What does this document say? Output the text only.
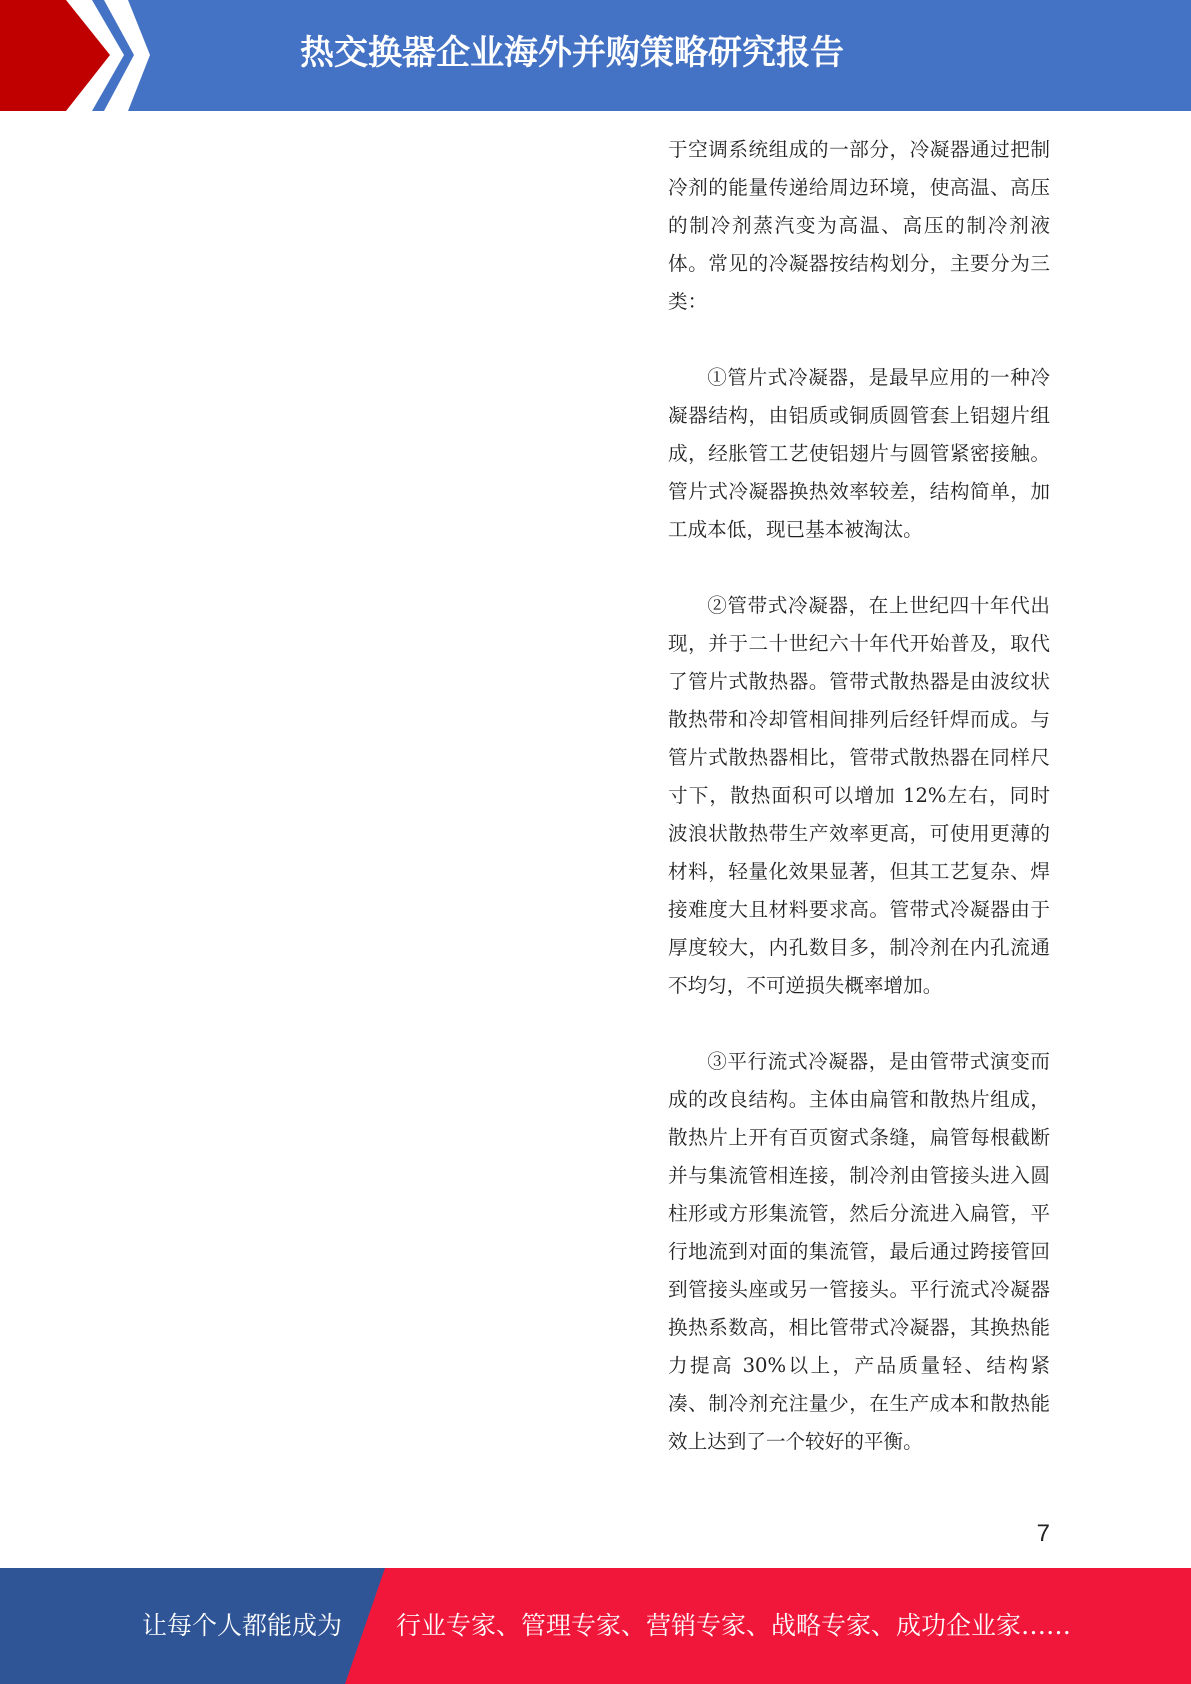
热交换器企业海外并购策略研究报告

于空调系统组成的一部分，冷凝器通过把制冷剂的能量传递给周边环境，使高温、高压的制冷剂蒸汽变为高温、高压的制冷剂液体。常见的冷凝器按结构划分，主要分为三类：

①管片式冷凝器，是最早应用的一种冷凝器结构，由铝质或铜质圆管套上铝翅片组成，经胀管工艺使铝翅片与圆管紧密接触。管片式冷凝器换热效率较差，结构简单，加工成本低，现已基本被淘汰。

②管带式冷凝器，在上世纪四十年代出现，并于二十世纪六十年代开始普及，取代了管片式散热器。管带式散热器是由波纹状散热带和冷却管相间排列后经钎焊而成。与管片式散热器相比，管带式散热器在同样尺寸下，散热面积可以增加 12%左右，同时波浪状散热带生产效率更高，可使用更薄的材料，轻量化效果显著，但其工艺复杂、焊接难度大且材料要求高。管带式冷凝器由于厚度较大，内孔数目多，制冷剂在内孔流通不均匀，不可逆损失概率增加。

③平行流式冷凝器，是由管带式演变而成的改良结构。主体由扁管和散热片组成，散热片上开有百页窗式条缝，扁管每根截断并与集流管相连接，制冷剂由管接头进入圆柱形或方形集流管，然后分流进入扁管，平行地流到对面的集流管，最后通过跨接管回到管接头座或另一管接头。平行流式冷凝器换热系数高，相比管带式冷凝器，其换热能力提高 30%以上，产品质量轻、结构紧凑、制冷剂充注量少，在生产成本和散热能效上达到了一个较好的平衡。

7
让每个人都能成为 行业专家、管理专家、营销专家、战略专家、成功企业家……
